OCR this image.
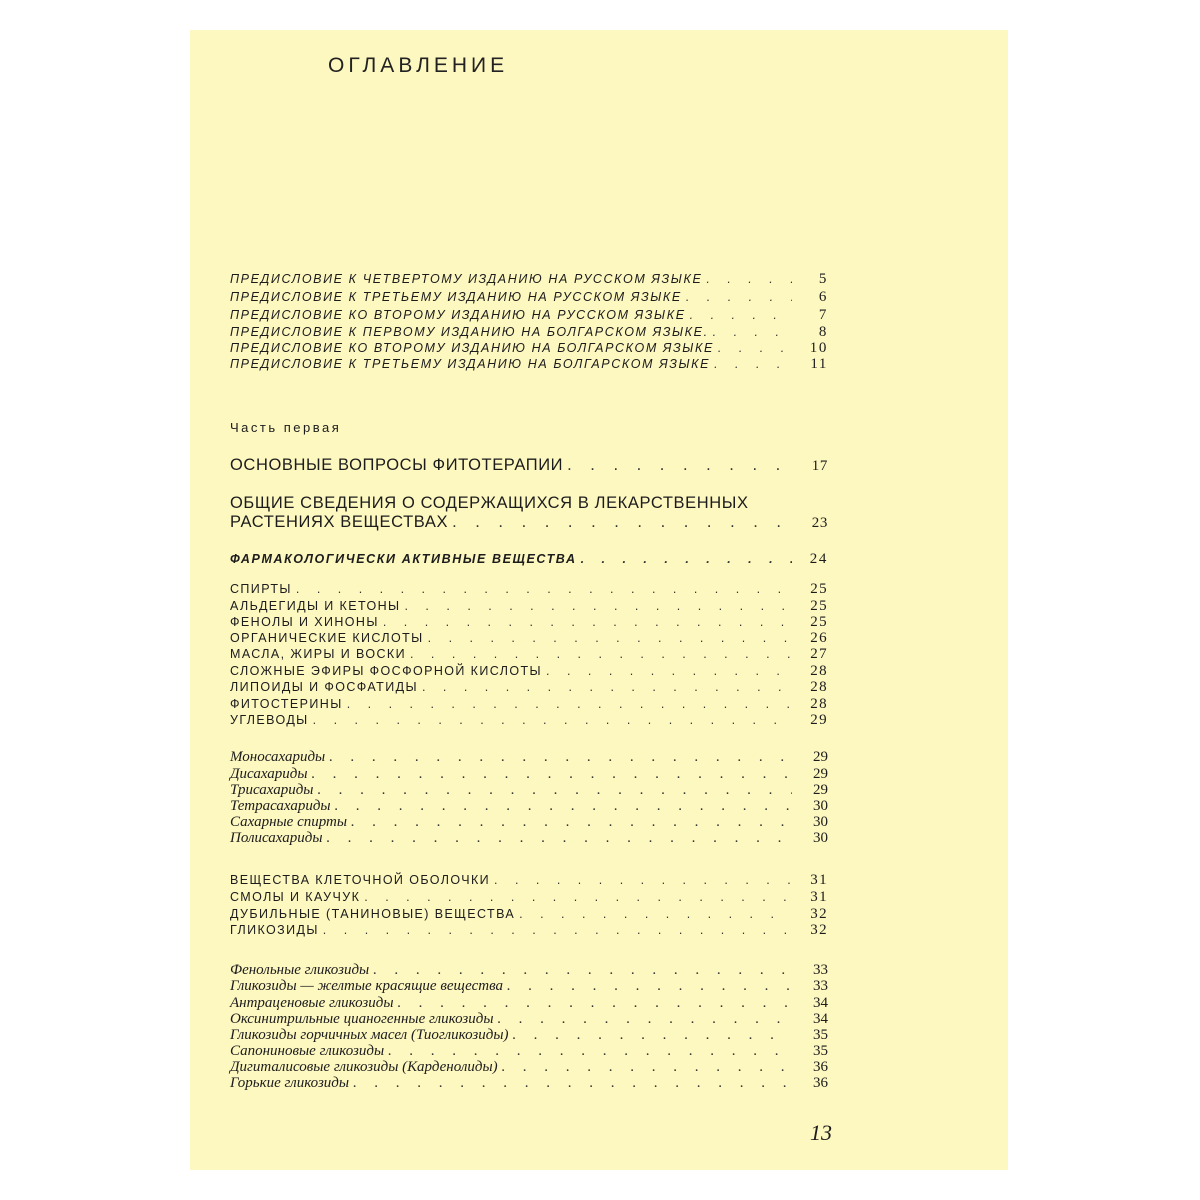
ОГЛАВЛЕНИЕ
ПРЕДИСЛОВИЕ К ЧЕТВЕРТОМУ ИЗДАНИЮ НА РУССКОМ ЯЗЫКЕ . . .	5
ПРЕДИСЛОВИЕ К ТРЕТЬЕМУ ИЗДАНИЮ НА РУССКОМ ЯЗЫКЕ . . .	6
ПРЕДИСЛОВИЕ КО ВТОРОМУ ИЗДАНИЮ НА РУССКОМ ЯЗЫКЕ . . .	7
ПРЕДИСЛОВИЕ К ПЕРВОМУ ИЗДАНИЮ НА БОЛГАРСКОМ ЯЗЫКЕ. . . .	8
ПРЕДИСЛОВИЕ КО ВТОРОМУ ИЗДАНИЮ НА БОЛГАРСКОМ ЯЗЫКЕ . . .	10
ПРЕДИСЛОВИЕ К ТРЕТЬЕМУ ИЗДАНИЮ НА БОЛГАРСКОМ ЯЗЫКЕ . . .	11
Часть первая
ОСНОВНЫЕ ВОПРОСЫ ФИТОТЕРАПИИ . . .	17
ОБЩИЕ СВЕДЕНИЯ О СОДЕРЖАЩИХСЯ В ЛЕКАРСТВЕННЫХ
РАСТЕНИЯХ ВЕЩЕСТВАХ . . .	23
ФАРМАКОЛОГИЧЕСКИ АКТИВНЫЕ ВЕЩЕСТВА . . .	24
СПИРТЫ . . .	25
АЛЬДЕГИДЫ И КЕТОНЫ . . .	25
ФЕНОЛЫ И ХИНОНЫ . . .	25
ОРГАНИЧЕСКИЕ КИСЛОТЫ . . .	26
МАСЛА, ЖИРЫ И ВОСКИ . . .	27
СЛОЖНЫЕ ЭФИРЫ ФОСФОРНОЙ КИСЛОТЫ . . .	28
ЛИПОИДЫ И ФОСФАТИДЫ . . .	28
ФИТОСТЕРИНЫ . . .	28
УГЛЕВОДЫ . . .	29
Моносахариды . . .	29
Дисахариды . . .	29
Трисахариды . . .	29
Тетрасахариды . . .	30
Сахарные спирты . . .	30
Полисахариды . . .	30
ВЕЩЕСТВА КЛЕТОЧНОЙ ОБОЛОЧКИ . . .	31
СМОЛЫ И КАУЧУК . . .	31
ДУБИЛЬНЫЕ (ТАНИНОВЫЕ) ВЕЩЕСТВА . . .	32
ГЛИКОЗИДЫ . . .	32
Фенольные гликозиды . . .	33
Гликозиды — желтые красящие вещества . . .	33
Антраценовые гликозиды . . .	34
Оксинитрильные цианогенные гликозиды . . .	34
Гликозиды горчичных масел (Тиогликозиды) . . .	35
Сапониновые гликозиды . . .	35
Дигиталисовые гликозиды (Карденолиды) . . .	36
Горькие гликозиды . . .	36
13
